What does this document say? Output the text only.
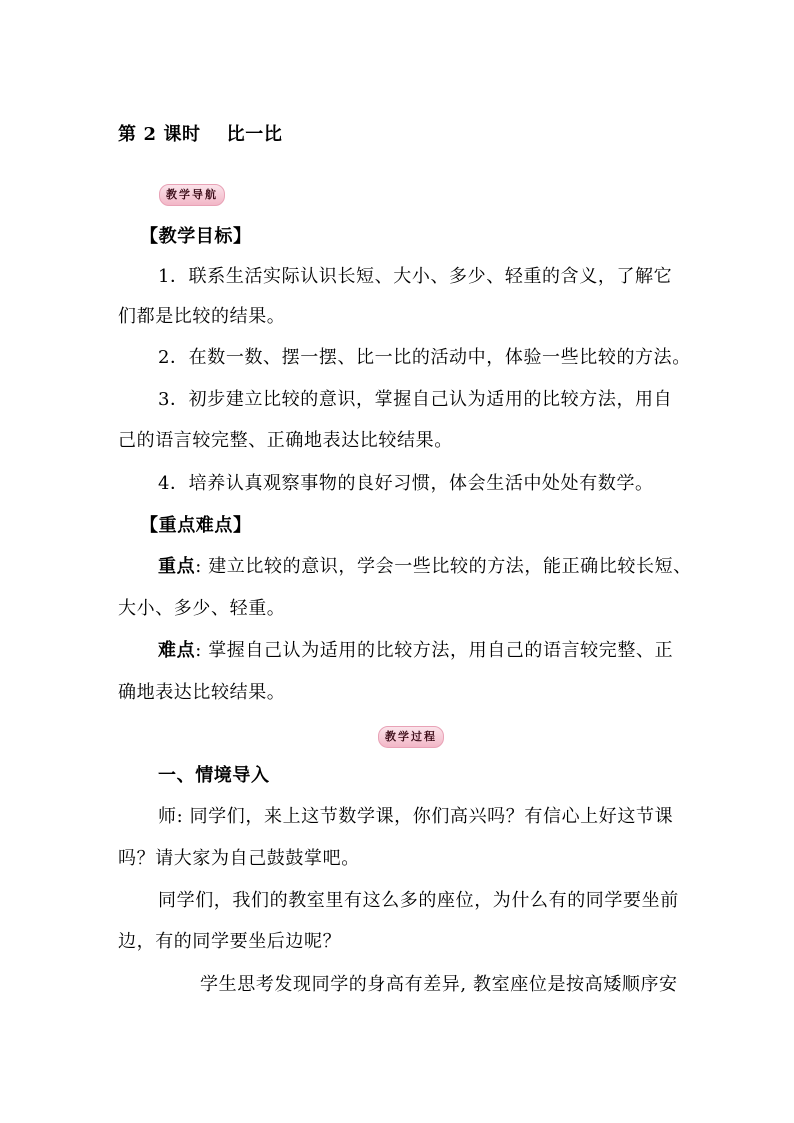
第 2 课时 比一比
教学导航
【教学目标】
1．联系生活实际认识长短、大小、多少、轻重的含义，了解它
们都是比较的结果。
2．在数一数、摆一摆、比一比的活动中，体验一些比较的方法。
3．初步建立比较的意识，掌握自己认为适用的比较方法，用自
己的语言较完整、正确地表达比较结果。
4．培养认真观察事物的良好习惯，体会生活中处处有数学。
【重点难点】
重点: 建立比较的意识，学会一些比较的方法，能正确比较长短、
大小、多少、轻重。
难点: 掌握自己认为适用的比较方法，用自己的语言较完整、正
确地表达比较结果。
教学过程
一、情境导入
师: 同学们，来上这节数学课，你们高兴吗？有信心上好这节课
吗？请大家为自己鼓鼓掌吧。
同学们，我们的教室里有这么多的座位，为什么有的同学要坐前
边，有的同学要坐后边呢？
学生思考发现同学的身高有差异, 教室座位是按高矮顺序安
